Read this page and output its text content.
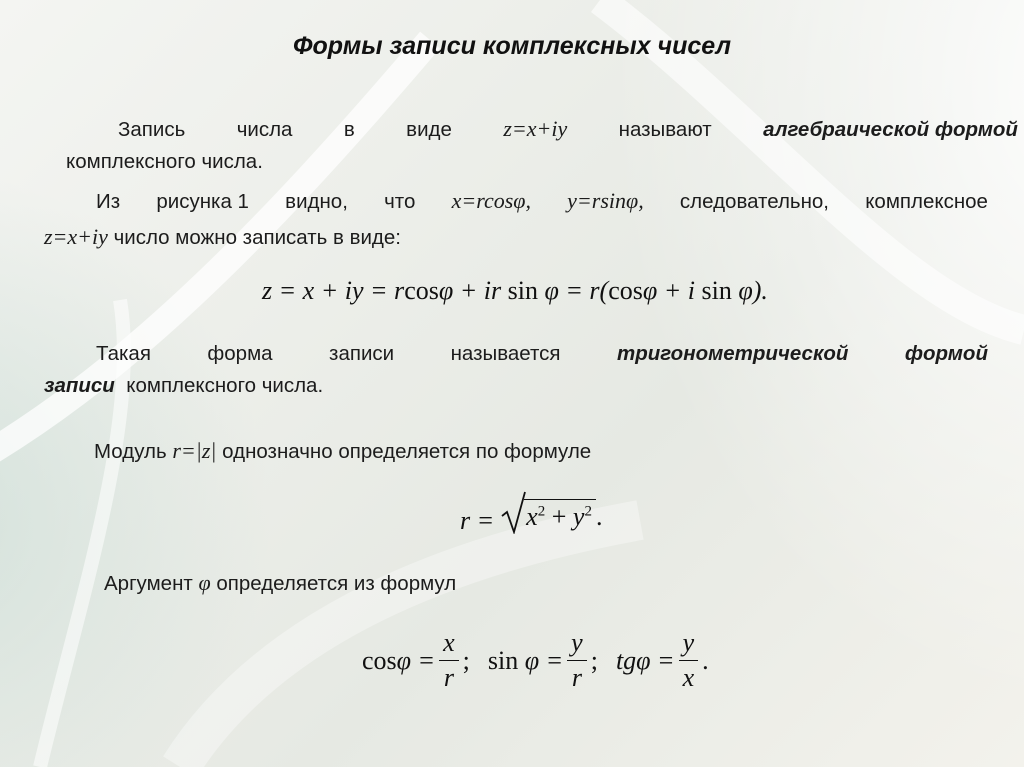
Формы записи комплексных чисел
Запись	числа	в	виде z=x+iy	называют	алгебраической формой
комплексного числа.
Из рисунка 1 видно, что x=rcosφ, y=rsinφ, следовательно, комплексное
z=x+iy число можно записать в виде:
z = x + iy = rcosφ + ir sin φ = r(cosφ + i sin φ).
Такая	форма	записи	называется	тригонометрической	формой
записи комплексного числа.
Модуль r=|z| однозначно определяется по формуле
$r = x^2 + y^2$ .
Аргумент φ определяется из формул
$\cos \varphi = \frac{x}{r}$ ; sin
$\varphi = \frac{y}{r}$ ; $tg\varphi = \frac{y}{x}$ .
